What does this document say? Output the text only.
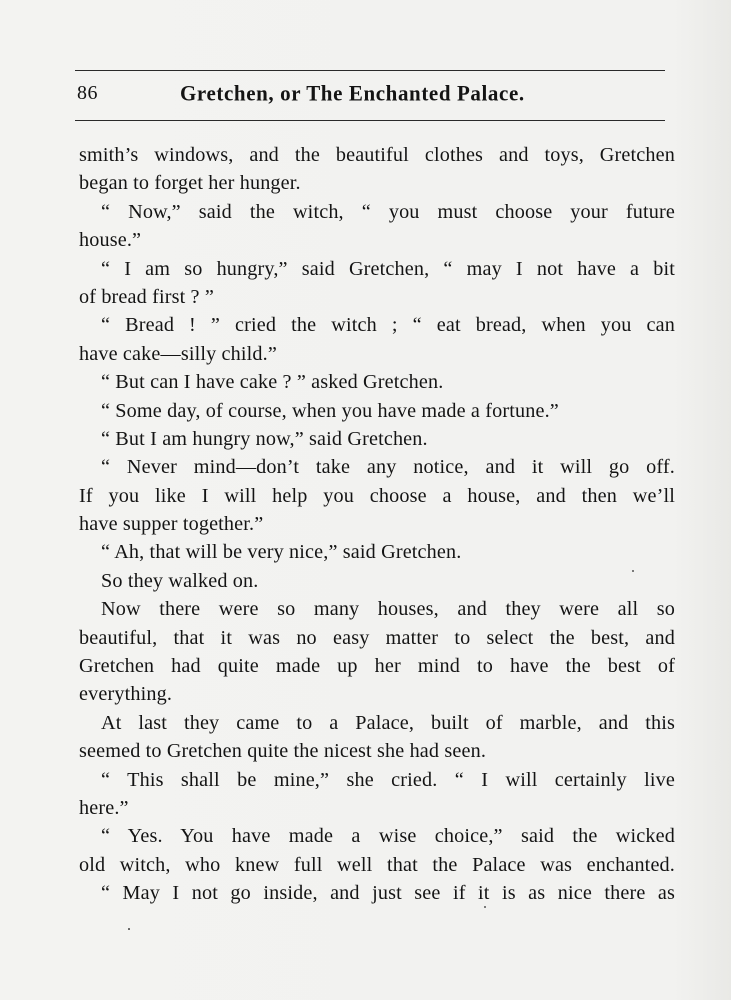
86	Gretchen, or The Enchanted Palace.
smith’s windows, and the beautiful clothes and toys, Gretchen
began to forget her hunger.
“ Now,” said the witch, “ you must choose your future
house.”
“ I am so hungry,” said Gretchen, “ may I not have a bit
of bread first ? ”
“ Bread ! ” cried the witch ; “ eat bread, when you can
have cake—silly child.”
“ But can I have cake ? ” asked Gretchen.
“ Some day, of course, when you have made a fortune.”
“ But I am hungry now,” said Gretchen.
“ Never mind—don’t take any notice, and it will go off.
If you like I will help you choose a house, and then we’ll
have supper together.”
“ Ah, that will be very nice,” said Gretchen.
So they walked on.
Now there were so many houses, and they were all so
beautiful, that it was no easy matter to select the best, and
Gretchen had quite made up her mind to have the best of
everything.
At last they came to a Palace, built of marble, and this
seemed to Gretchen quite the nicest she had seen.
“ This shall be mine,” she cried. “ I will certainly live
here.”
“ Yes. You have made a wise choice,” said the wicked
old witch, who knew full well that the Palace was enchanted.
“ May I not go inside, and just see if it is as nice there as
